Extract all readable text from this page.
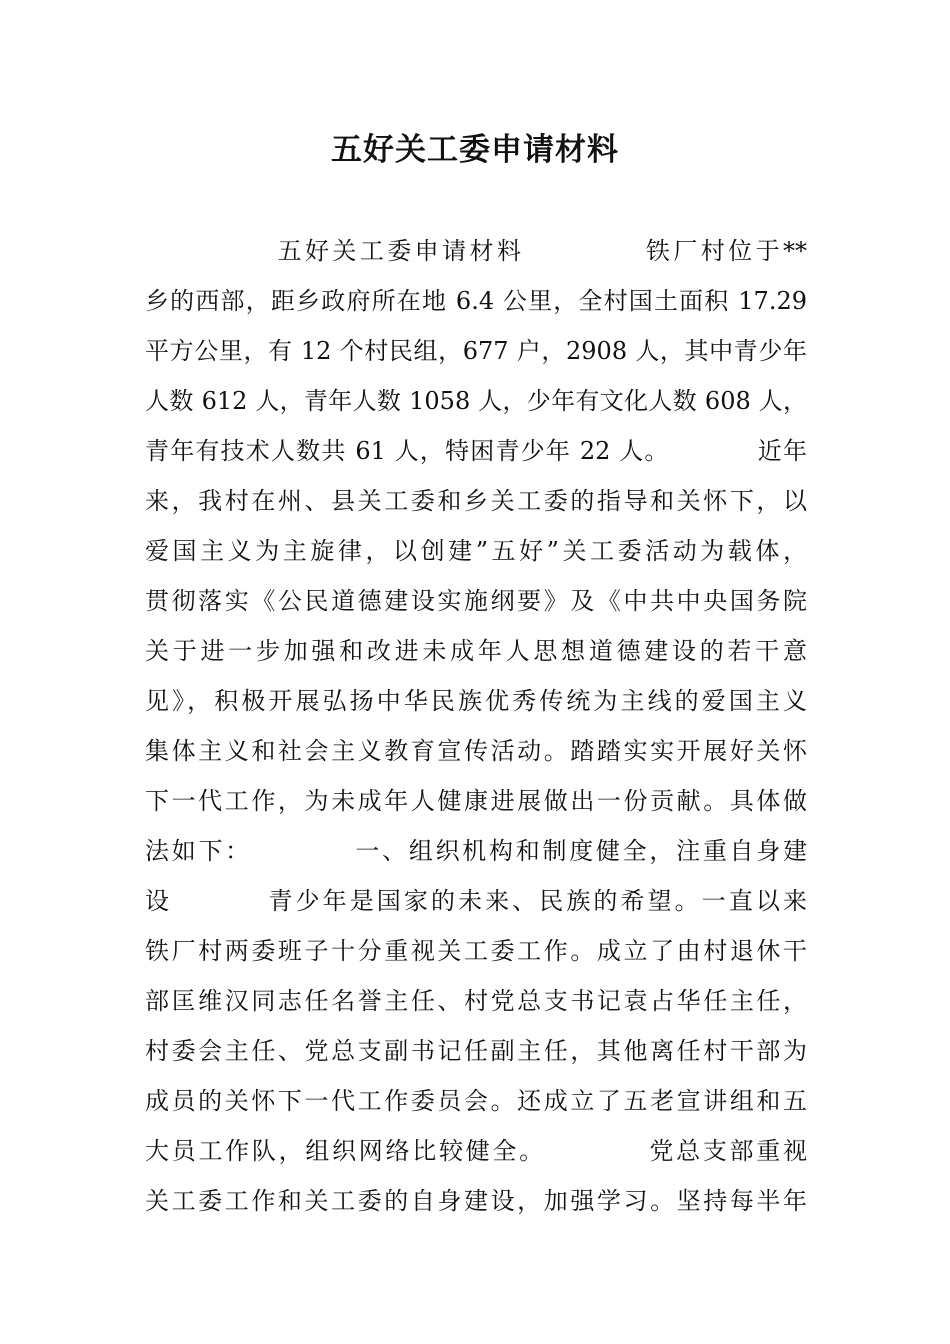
五好关工委申请材料
五好关工委申请材料           铁厂村位于**
乡的西部，距乡政府所在地 6.4 公里，全村国土面积 17.29
平方公里，有 12 个村民组，677 户，2908 人，其中青少年
人数 612 人，青年人数 1058 人，少年有文化人数 608 人，
青年有技术人数共 61 人，特困青少年 22 人。          近年
来，我村在州、县关工委和乡关工委的指导和关怀下，以
爱国主义为主旋律，以创建”五好”关工委活动为载体，
贯彻落实《公民道德建设实施纲要》及《中共中央国务院
关于进一步加强和改进未成年人思想道德建设的若干意
见》，积极开展弘扬中华民族优秀传统为主线的爱国主义
集体主义和社会主义教育宣传活动。踏踏实实开展好关怀
下一代工作，为未成年人健康进展做出一份贡献。具体做
法如下：          一、组织机构和制度健全，注重自身建
设         青少年是国家的未来、民族的希望。一直以来
铁厂村两委班子十分重视关工委工作。成立了由村退休干
部匡维汉同志任名誉主任、村党总支书记袁占华任主任，
村委会主任、党总支副书记任副主任，其他离任村干部为
成员的关怀下一代工作委员会。还成立了五老宣讲组和五
大员工作队，组织网络比较健全。          党总支部重视
关工委工作和关工委的自身建设，加强学习。坚持每半年
